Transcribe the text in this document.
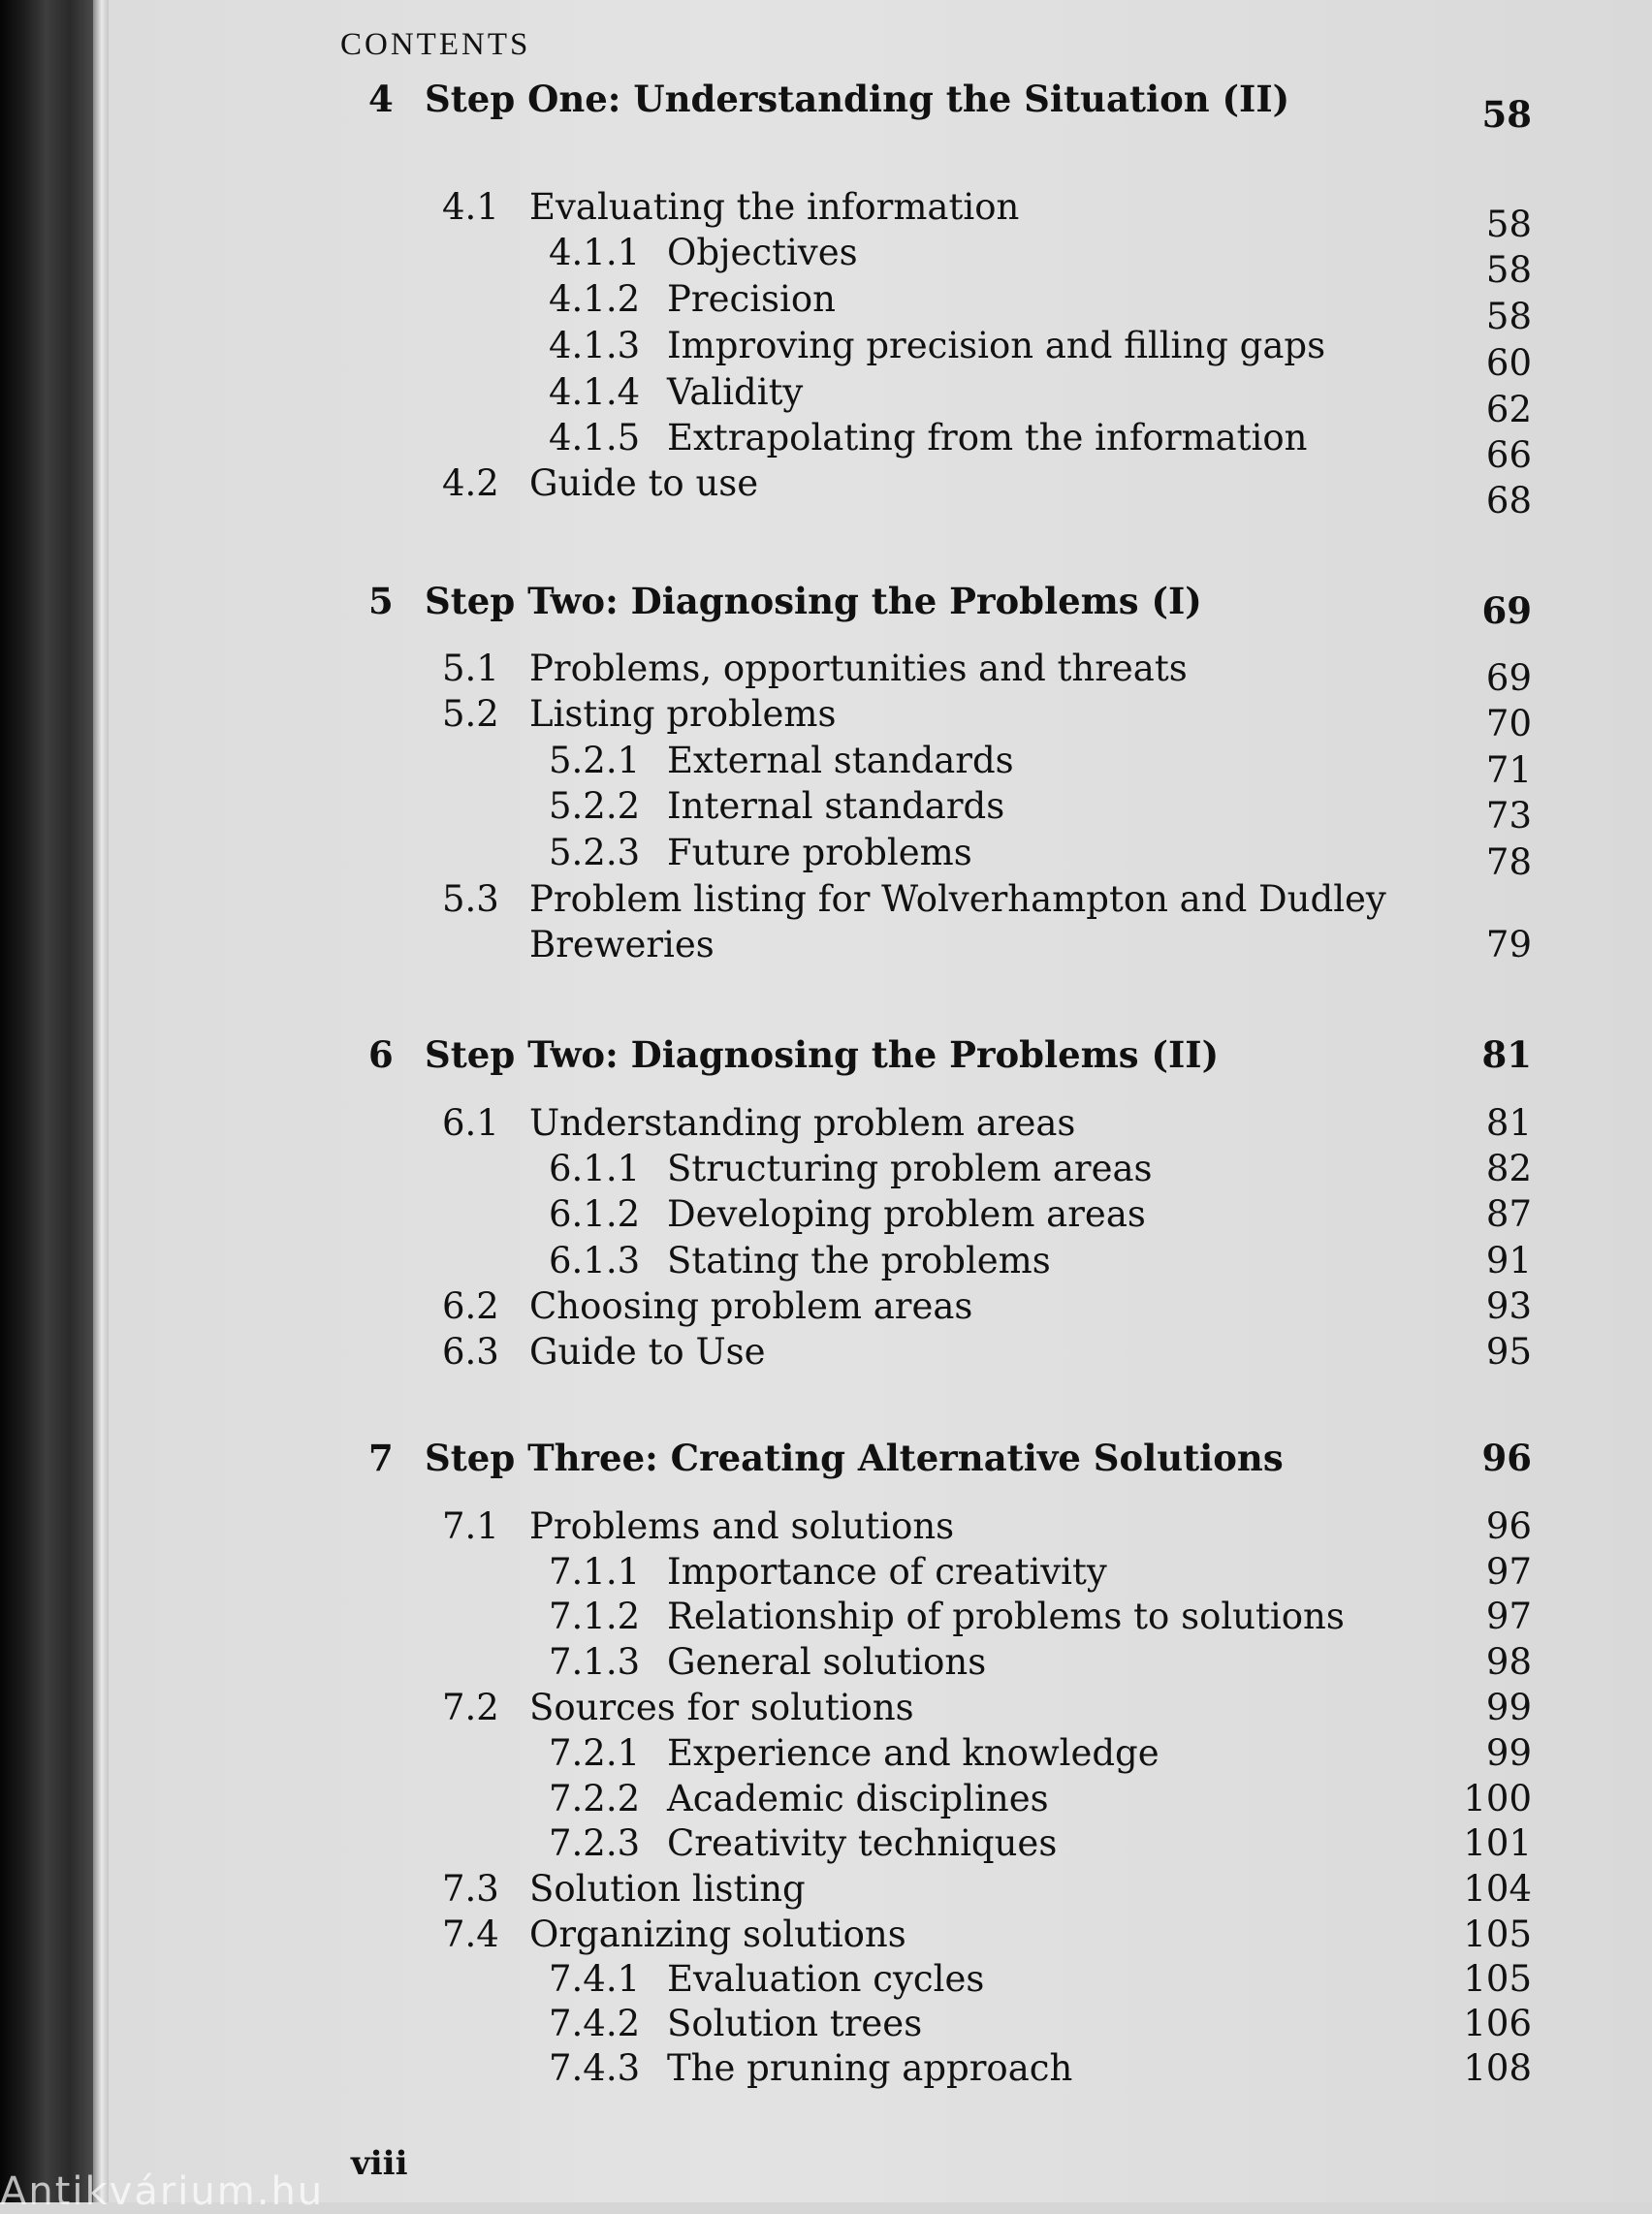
Antikvárium.hu
CONTENTS
4 Step One: Understanding the Situation (II)	58
4.1 Evaluating the information	58
4.1.1 Objectives	58
4.1.2 Precision	58
4.1.3 Improving precision and filling gaps	60
4.1.4 Validity	62
4.1.5 Extrapolating from the information	66
4.2 Guide to use	68
5 Step Two: Diagnosing the Problems (I)	69
5.1 Problems, opportunities and threats	69
5.2 Listing problems	70
5.2.1 External standards	71
5.2.2 Internal standards	73
5.2.3 Future problems	78
5.3 Problem listing for Wolverhampton and Dudley
Breweries	79
6 Step Two: Diagnosing the Problems (II)	81
6.1 Understanding problem areas	81
6.1.1 Structuring problem areas	82
6.1.2 Developing problem areas	87
6.1.3 Stating the problems	91
6.2 Choosing problem areas	93
6.3 Guide to Use	95
7 Step Three: Creating Alternative Solutions	96
7.1 Problems and solutions	96
7.1.1 Importance of creativity	97
7.1.2 Relationship of problems to solutions	97
7.1.3 General solutions	98
7.2 Sources for solutions	99
7.2.1 Experience and knowledge	99
7.2.2 Academic disciplines	100
7.2.3 Creativity techniques	101
7.3 Solution listing	104
7.4 Organizing solutions	105
7.4.1 Evaluation cycles	105
7.4.2 Solution trees	106
7.4.3 The pruning approach	108
viii
